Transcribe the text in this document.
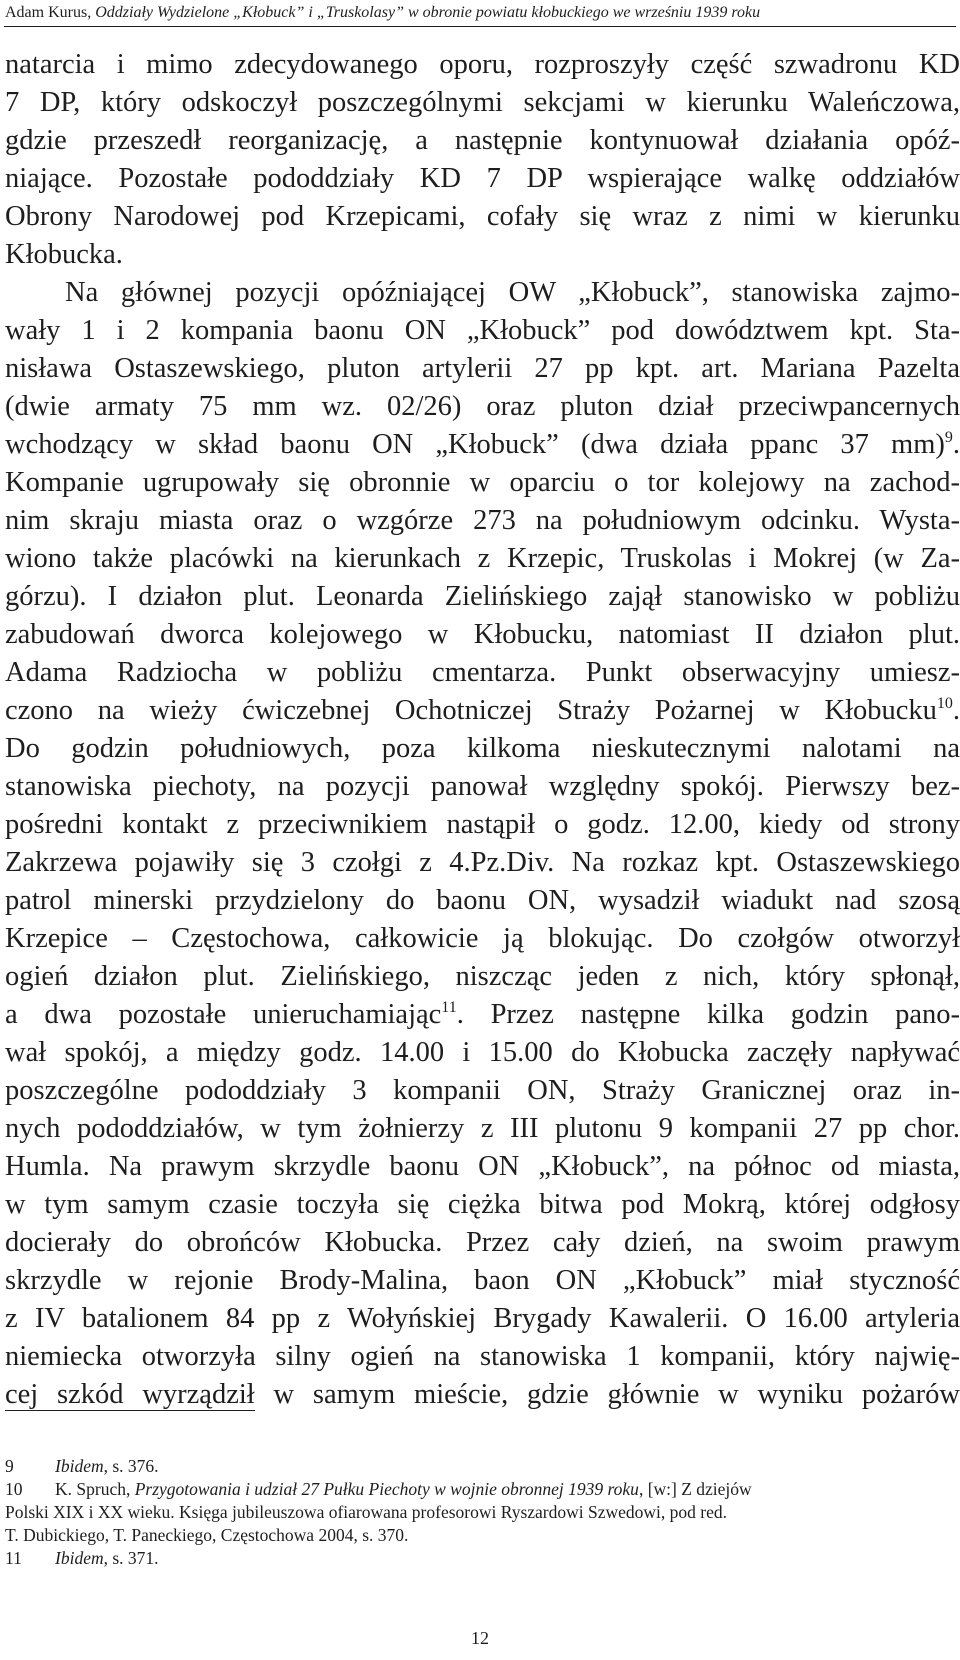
Adam Kurus, Oddziały Wydzielone „Kłobuck” i „Truskolasy” w obronie powiatu kłobuckiego we wrześniu 1939 roku
natarcia i mimo zdecydowanego oporu, rozproszyły część szwadronu KD
7 DP, który odskoczył poszczególnymi sekcjami w kierunku Waleńczowa,
gdzie przeszedł reorganizację, a następnie kontynuował działania opóź-
niające. Pozostałe pododdziały KD 7 DP wspierające walkę oddziałów
Obrony Narodowej pod Krzepicami, cofały się wraz z nimi w kierunku
Kłobucka.
Na głównej pozycji opóźniającej OW „Kłobuck”, stanowiska zajmo-
wały 1 i 2 kompania baonu ON „Kłobuck” pod dowództwem kpt. Sta-
nisława Ostaszewskiego, pluton artylerii 27 pp kpt. art. Mariana Pazelta
(dwie armaty 75 mm wz. 02/26) oraz pluton dział przeciwpancernych
wchodzący w skład baonu ON „Kłobuck” (dwa działa ppanc 37 mm)$^9$.
Kompanie ugrupowały się obronnie w oparciu o tor kolejowy na zachod-
nim skraju miasta oraz o wzgórze 273 na południowym odcinku. Wysta-
wiono także placówki na kierunkach z Krzepic, Truskolas i Mokrej (w Za-
górzu). I działon plut. Leonarda Zielińskiego zajął stanowisko w pobliżu
zabudowań dworca kolejowego w Kłobucku, natomiast II działon plut.
Adama Radziocha w pobliżu cmentarza. Punkt obserwacyjny umiesz-
czono na wieży ćwiczebnej Ochotniczej Straży Pożarnej w Kłobucku$^{10}$.
Do godzin południowych, poza kilkoma nieskutecznymi nalotami na
stanowiska piechoty, na pozycji panował względny spokój. Pierwszy bez-
pośredni kontakt z przeciwnikiem nastąpił o godz. 12.00, kiedy od strony
Zakrzewa pojawiły się 3 czołgi z 4.Pz.Div. Na rozkaz kpt. Ostaszewskiego
patrol minerski przydzielony do baonu ON, wysadził wiadukt nad szosą
Krzepice – Częstochowa, całkowicie ją blokując. Do czołgów otworzył
ogień działon plut. Zielińskiego, niszcząc jeden z nich, który spłonął,
a dwa pozostałe unieruchamiając$^{11}$. Przez następne kilka godzin pano-
wał spokój, a między godz. 14.00 i 15.00 do Kłobucka zaczęły napływać
poszczególne pododdziały 3 kompanii ON, Straży Granicznej oraz in-
nych pododdziałów, w tym żołnierzy z III plutonu 9 kompanii 27 pp chor.
Humla. Na prawym skrzydle baonu ON „Kłobuck”, na północ od miasta,
w tym samym czasie toczyła się ciężka bitwa pod Mokrą, której odgłosy
docierały do obrońców Kłobucka. Przez cały dzień, na swoim prawym
skrzydle w rejonie Brody-Malina, baon ON „Kłobuck” miał styczność
z IV batalionem 84 pp z Wołyńskiej Brygady Kawalerii. O 16.00 artyleria
niemiecka otworzyła silny ogień na stanowiska 1 kompanii, który najwię-
cej szkód wyrządził w samym mieście, gdzie głównie w wyniku pożarów
9 Ibidem, s. 376.
10 K. Spruch, Przygotowania i udział 27 Pułku Piechoty w wojnie obronnej 1939 roku, [w:] Z dziejów
Polski XIX i XX wieku. Księga jubileuszowa ofiarowana profesorowi Ryszardowi Szwedowi, pod red.
T. Dubickiego, T. Paneckiego, Częstochowa 2004, s. 370.
11 Ibidem, s. 371.
12
